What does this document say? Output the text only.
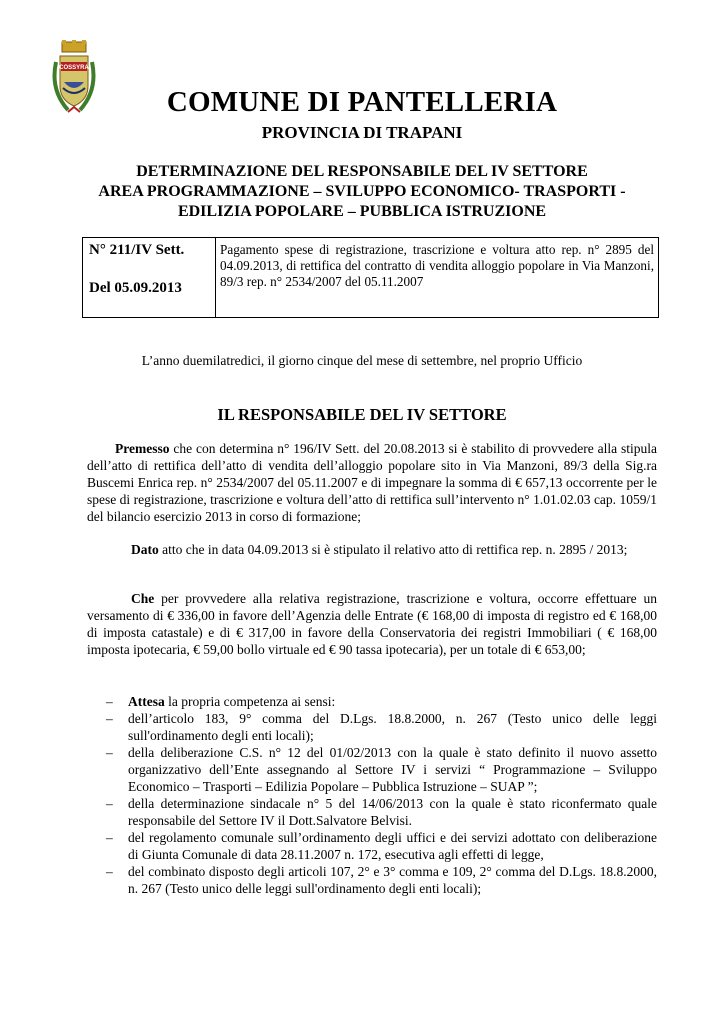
COSSYRA
COMUNE DI PANTELLERIA
PROVINCIA DI TRAPANI
DETERMINAZIONE DEL RESPONSABILE DEL IV SETTORE
AREA PROGRAMMAZIONE – SVILUPPO ECONOMICO- TRASPORTI -
EDILIZIA POPOLARE – PUBBLICA ISTRUZIONE
N° 211/IV Sett.
Del 05.09.2013
Pagamento spese di registrazione, trascrizione e voltura atto rep. n° 2895 del 04.09.2013, di rettifica del contratto di vendita alloggio popolare in Via Manzoni, 89/3 rep. n° 2534/2007 del 05.11.2007
L’anno duemilatredici, il giorno cinque del mese di settembre, nel proprio Ufficio
IL RESPONSABILE DEL IV SETTORE
Premesso che con determina n° 196/IV Sett. del 20.08.2013 si è stabilito di provvedere alla stipula dell’atto di rettifica dell’atto di vendita dell’alloggio popolare sito in Via Manzoni, 89/3 della Sig.ra Buscemi Enrica rep. n° 2534/2007 del 05.11.2007 e di impegnare la somma di € 657,13 occorrente per le spese di registrazione, trascrizione e voltura dell’atto di rettifica sull’intervento n° 1.01.02.03 cap. 1059/1 del bilancio esercizio 2013 in corso di formazione;
Dato atto che in data 04.09.2013 si è stipulato il relativo atto di rettifica rep. n. 2895 / 2013;
Che per provvedere alla relativa registrazione, trascrizione e voltura, occorre effettuare un versamento di € 336,00 in favore dell’Agenzia delle Entrate (€ 168,00 di imposta di registro ed € 168,00 di imposta catastale) e di € 317,00 in favore della Conservatoria dei registri Immobiliari ( € 168,00 imposta ipotecaria, € 59,00 bollo virtuale ed € 90 tassa ipotecaria), per un totale di € 653,00;
– Attesa la propria competenza ai sensi:
– dell’articolo 183, 9° comma del D.Lgs. 18.8.2000, n. 267 (Testo unico delle leggi sull'ordinamento degli enti locali);
– della deliberazione C.S. n° 12 del 01/02/2013 con la quale è stato definito il nuovo assetto organizzativo dell’Ente assegnando al Settore IV i servizi “ Programmazione – Sviluppo Economico – Trasporti – Edilizia Popolare – Pubblica Istruzione – SUAP ”;
– della determinazione sindacale n° 5 del 14/06/2013 con la quale è stato riconfermato quale responsabile del Settore IV il Dott.Salvatore Belvisi.
– del regolamento comunale sull’ordinamento degli uffici e dei servizi adottato con deliberazione di Giunta Comunale di data 28.11.2007 n. 172, esecutiva agli effetti di legge,
– del combinato disposto degli articoli 107, 2° e 3° comma e 109, 2° comma del D.Lgs. 18.8.2000, n. 267 (Testo unico delle leggi sull'ordinamento degli enti locali);
